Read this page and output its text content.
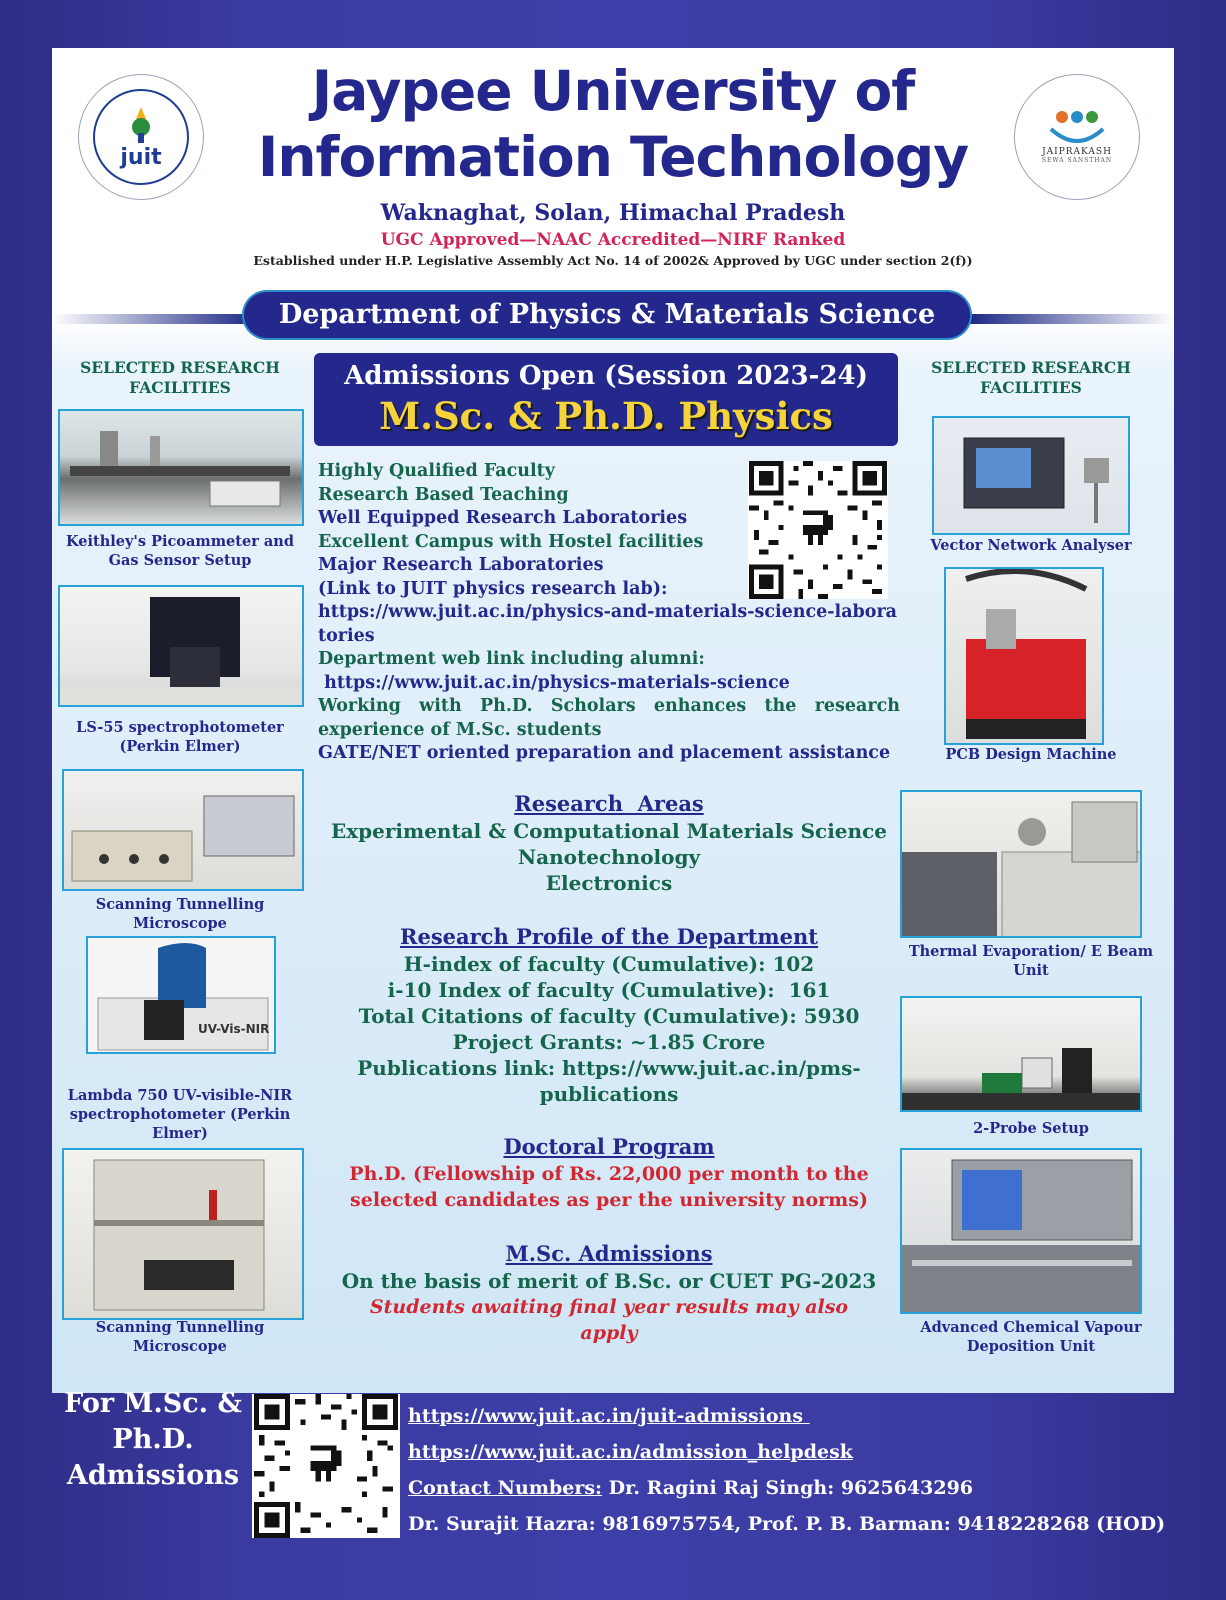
juit
Jaypee University of
Information Technology
Waknaghat, Solan, Himachal Pradesh
UGC Approved—NAAC Accredited—NIRF Ranked
Established under H.P. Legislative Assembly Act No. 14 of 2002& Approved by UGC under section 2(f))
JAIPRAKASH
SEWA SANSTHAN
Department of Physics & Materials Science
SELECTED RESEARCH FACILITIES
Keithley's Picoammeter and Gas Sensor Setup
LS-55 spectrophotometer (Perkin Elmer)
Scanning Tunnelling Microscope
UV-Vis-NIR
Lambda 750 UV-visible-NIR spectrophotometer (Perkin Elmer)
Scanning Tunnelling Microscope
SELECTED RESEARCH FACILITIES
Vector Network Analyser
PCB Design Machine
Thermal Evaporation/ E Beam Unit
2-Probe Setup
Advanced Chemical Vapour Deposition Unit
Admissions Open (Session 2023-24)
M.Sc. & Ph.D. Physics
Highly Qualified Faculty
Research Based Teaching
Well Equipped Research Laboratories
Excellent Campus with Hostel facilities
Major Research Laboratories
(Link to JUIT physics research lab):
https://www.juit.ac.in/physics-and-materials-science-laboratories
Department web link including alumni:
https://www.juit.ac.in/physics-materials-science
Working with Ph.D. Scholars enhances the research experience of M.Sc. students
GATE/NET oriented preparation and placement assistance
Research  Areas
Experimental & Computational Materials Science
Nanotechnology
Electronics
Research Profile of the Department
H-index of faculty (Cumulative): 102
i-10 Index of faculty (Cumulative):  161
Total Citations of faculty (Cumulative): 5930
Project Grants: ~1.85 Crore
Publications link: https://www.juit.ac.in/pms-publications
Doctoral Program
Ph.D. (Fellowship of Rs. 22,000 per month to the selected candidates as per the university norms)
M.Sc. Admissions
On the basis of merit of B.Sc. or CUET PG-2023
Students awaiting final year results may also apply
For M.Sc. & Ph.D. Admissions
https://www.juit.ac.in/juit-admissions
https://www.juit.ac.in/admission_helpdesk
Contact Numbers: Dr. Ragini Raj Singh: 9625643296
Dr. Surajit Hazra: 9816975754, Prof. P. B. Barman: 9418228268 (HOD)
